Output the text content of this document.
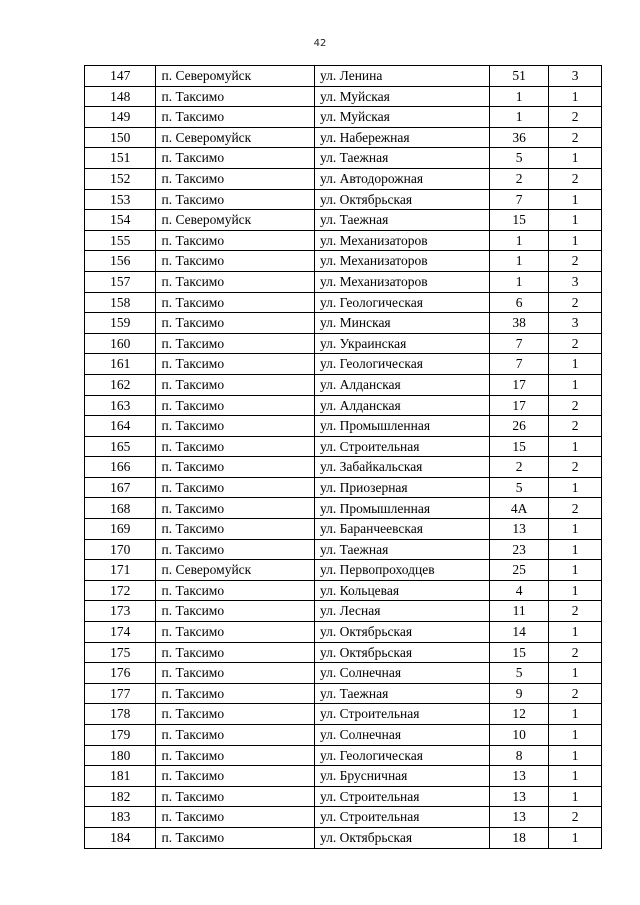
42
147	п. Северомуйск	ул. Ленина	51	3
148	п. Таксимо	ул. Муйская	1	1
149	п. Таксимо	ул. Муйская	1	2
150	п. Северомуйск	ул. Набережная	36	2
151	п. Таксимо	ул. Таежная	5	1
152	п. Таксимо	ул. Автодорожная	2	2
153	п. Таксимо	ул. Октябрьская	7	1
154	п. Северомуйск	ул. Таежная	15	1
155	п. Таксимо	ул. Механизаторов	1	1
156	п. Таксимо	ул. Механизаторов	1	2
157	п. Таксимо	ул. Механизаторов	1	3
158	п. Таксимо	ул. Геологическая	6	2
159	п. Таксимо	ул. Минская	38	3
160	п. Таксимо	ул. Украинская	7	2
161	п. Таксимо	ул. Геологическая	7	1
162	п. Таксимо	ул. Алданская	17	1
163	п. Таксимо	ул. Алданская	17	2
164	п. Таксимо	ул. Промышленная	26	2
165	п. Таксимо	ул. Строительная	15	1
166	п. Таксимо	ул. Забайкальская	2	2
167	п. Таксимо	ул. Приозерная	5	1
168	п. Таксимо	ул. Промышленная	4А	2
169	п. Таксимо	ул. Баранчеевская	13	1
170	п. Таксимо	ул. Таежная	23	1
171	п. Северомуйск	ул. Первопроходцев	25	1
172	п. Таксимо	ул. Кольцевая	4	1
173	п. Таксимо	ул. Лесная	11	2
174	п. Таксимо	ул. Октябрьская	14	1
175	п. Таксимо	ул. Октябрьская	15	2
176	п. Таксимо	ул. Солнечная	5	1
177	п. Таксимо	ул. Таежная	9	2
178	п. Таксимо	ул. Строительная	12	1
179	п. Таксимо	ул. Солнечная	10	1
180	п. Таксимо	ул. Геологическая	8	1
181	п. Таксимо	ул. Брусничная	13	1
182	п. Таксимо	ул. Строительная	13	1
183	п. Таксимо	ул. Строительная	13	2
184	п. Таксимо	ул. Октябрьская	18	1
